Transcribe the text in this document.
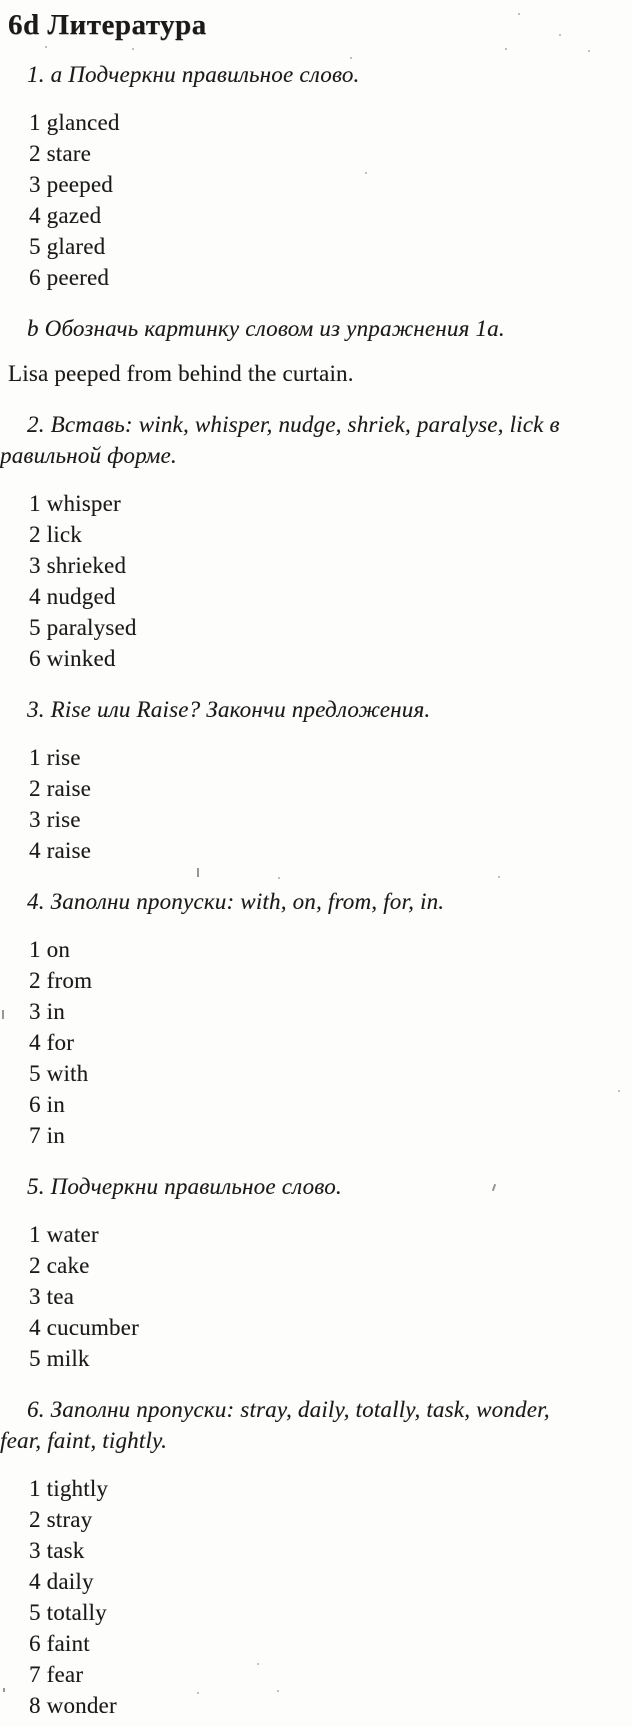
6d Литература
1. а Подчеркни правильное слово.
1 glanced
2 stare
3 peeped
4 gazed
5 glared
6 peered
b Обозначь картинку словом из упражнения 1а.
Lisa peeped from behind the curtain.
2. Вставь: wink, whisper, nudge, shriek, paralyse, lick в
равильной форме.
1 whisper
2 lick
3 shrieked
4 nudged
5 paralysed
6 winked
3. Rise или Raise? Закончи предложения.
1 rise
2 raise
3 rise
4 raise
4. Заполни пропуски: with, on, from, for, in.
1 on
2 from
3 in
4 for
5 with
6 in
7 in
5. Подчеркни правильное слово.
1 water
2 cake
3 tea
4 cucumber
5 milk
6. Заполни пропуски: stray, daily, totally, task, wonder,
fear, faint, tightly.
1 tightly
2 stray
3 task
4 daily
5 totally
6 faint
7 fear
8 wonder
